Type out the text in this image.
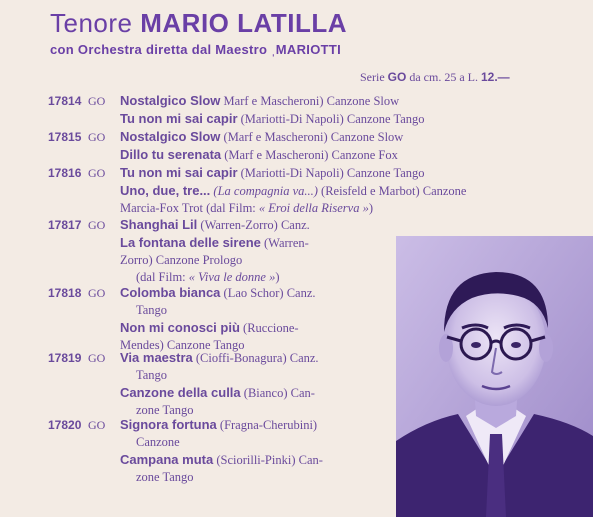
Tenore MARIO LATILLA
con Orchestra diretta dal Maestro ˌMARIOTTI
Serie GO da cm. 25 a L. 12.—
17814 GO Nostalgico Slow Marf e Mascheroni) Canzone Slow
Tu non mi sai capir (Mariotti-Di Napoli) Canzone Tango
17815 GO Nostalgico Slow (Marf e Mascheroni) Canzone Slow
Dillo tu serenata (Marf e Mascheroni) Canzone Fox
17816 GO Tu non mi sai capir (Mariotti-Di Napoli) Canzone Tango
Uno, due, tre... (La compagnia va...) (Reisfeld e Marbot) Canzone
Marcia-Fox Trot (dal Film: « Eroi della Riserva »)
17817 GO Shanghai Lil (Warren-Zorro) Canz.
La fontana delle sirene (Warren-
Zorro) Canzone Prologo
(dal Film: « Viva le donne »)
17818 GO Colomba bianca (Lao Schor) Canz.
Tango
Non mi conosci più (Ruccione-
Mendes) Canzone Tango
17819 GO Via maestra (Cioffi-Bonagura) Canz.
Tango
Canzone della culla (Bianco) Can-
zone Tango
17820 GO Signora fortuna (Fragna-Cherubini)
Canzone
Campana muta (Sciorilli-Pinki) Can-
zone Tango
